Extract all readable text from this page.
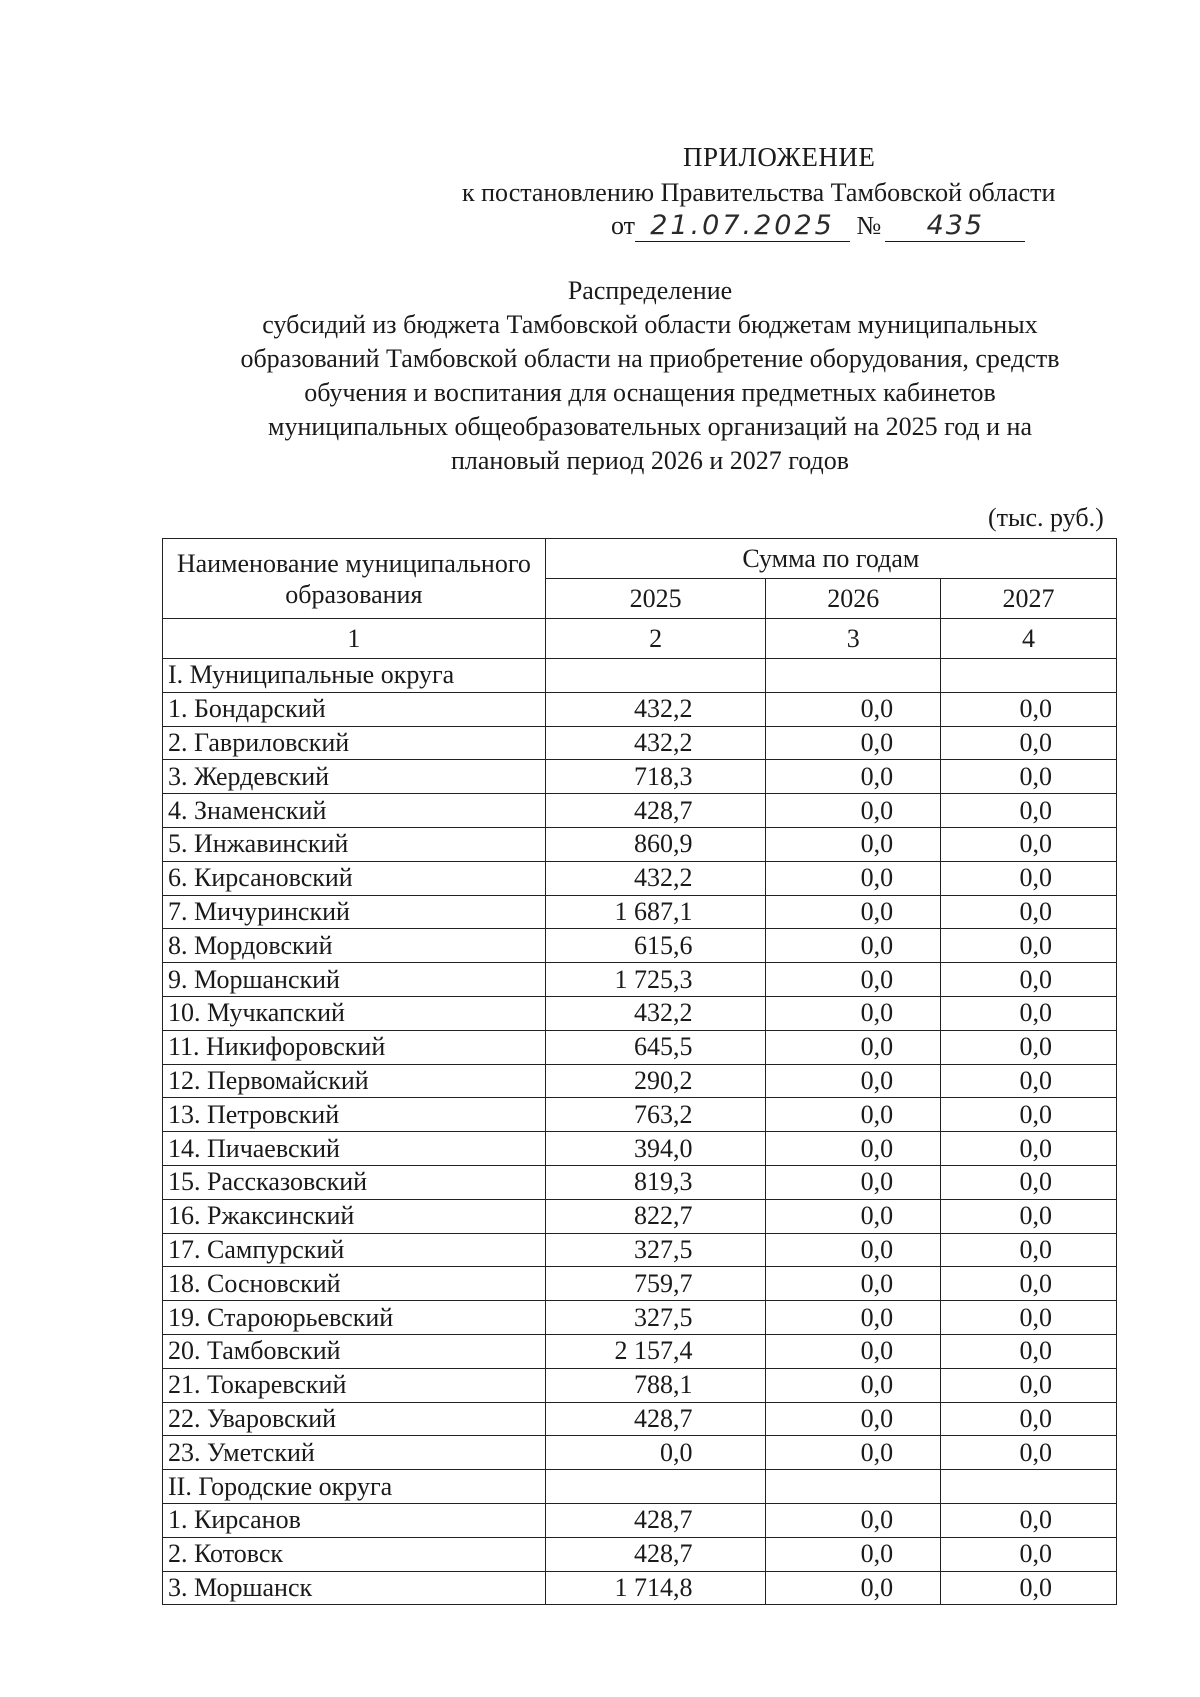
ПРИЛОЖЕНИЕ
к постановлению Правительства Тамбовской области
от 21.07.2025 № 435
Распределение
субсидий из бюджета Тамбовской области бюджетам муниципальных
образований Тамбовской области на приобретение оборудования, средств
обучения и воспитания для оснащения предметных кабинетов
муниципальных общеобразовательных организаций на 2025 год и на
плановый период 2026 и 2027 годов
(тыс. руб.)
Наименование муниципального образования	Сумма по годам		
	2025	2026	2027
1	2	3	4
I. Муниципальные округа			
1. Бондарский	432,2	0,0	0,0
2. Гавриловский	432,2	0,0	0,0
3. Жердевский	718,3	0,0	0,0
4. Знаменский	428,7	0,0	0,0
5. Инжавинский	860,9	0,0	0,0
6. Кирсановский	432,2	0,0	0,0
7. Мичуринский	1 687,1	0,0	0,0
8. Мордовский	615,6	0,0	0,0
9. Моршанский	1 725,3	0,0	0,0
10. Мучкапский	432,2	0,0	0,0
11. Никифоровский	645,5	0,0	0,0
12. Первомайский	290,2	0,0	0,0
13. Петровский	763,2	0,0	0,0
14. Пичаевский	394,0	0,0	0,0
15. Рассказовский	819,3	0,0	0,0
16. Ржаксинский	822,7	0,0	0,0
17. Сампурский	327,5	0,0	0,0
18. Сосновский	759,7	0,0	0,0
19. Староюрьевский	327,5	0,0	0,0
20. Тамбовский	2 157,4	0,0	0,0
21. Токаревский	788,1	0,0	0,0
22. Уваровский	428,7	0,0	0,0
23. Уметский	0,0	0,0	0,0
II. Городские округа			
1. Кирсанов	428,7	0,0	0,0
2. Котовск	428,7	0,0	0,0
3. Моршанск	1 714,8	0,0	0,0
